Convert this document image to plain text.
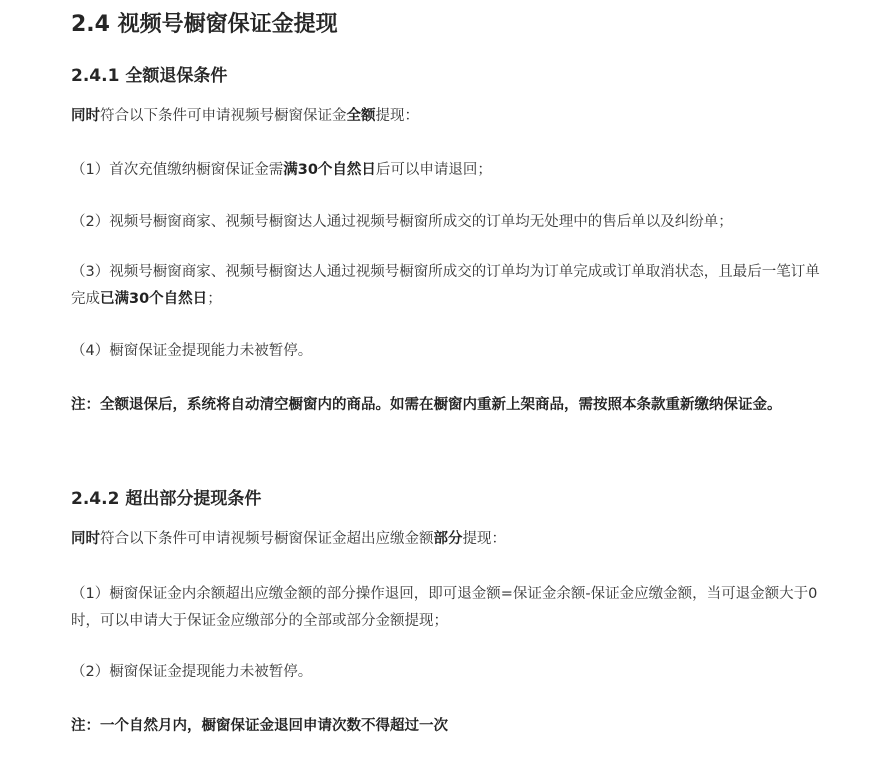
2.4 视频号橱窗保证金提现
2.4.1 全额退保条件

同时符合以下条件可申请视频号橱窗保证金全额提现：

（1）首次充值缴纳橱窗保证金需满30个自然日后可以申请退回；

（2）视频号橱窗商家、视频号橱窗达人通过视频号橱窗所成交的订单均无处理中的售后单以及纠纷单；

（3）视频号橱窗商家、视频号橱窗达人通过视频号橱窗所成交的订单均为订单完成或订单取消状态，且最后一笔订单完成已满30个自然日；

（4）橱窗保证金提现能力未被暂停。

注：全额退保后，系统将自动清空橱窗内的商品。如需在橱窗内重新上架商品，需按照本条款重新缴纳保证金。

2.4.2 超出部分提现条件

同时符合以下条件可申请视频号橱窗保证金超出应缴金额部分提现：

（1）橱窗保证金内余额超出应缴金额的部分操作退回，即可退金额=保证金余额-保证金应缴金额，当可退金额大于0时，可以申请大于保证金应缴部分的全部或部分金额提现；

（2）橱窗保证金提现能力未被暂停。

注：一个自然月内，橱窗保证金退回申请次数不得超过一次
